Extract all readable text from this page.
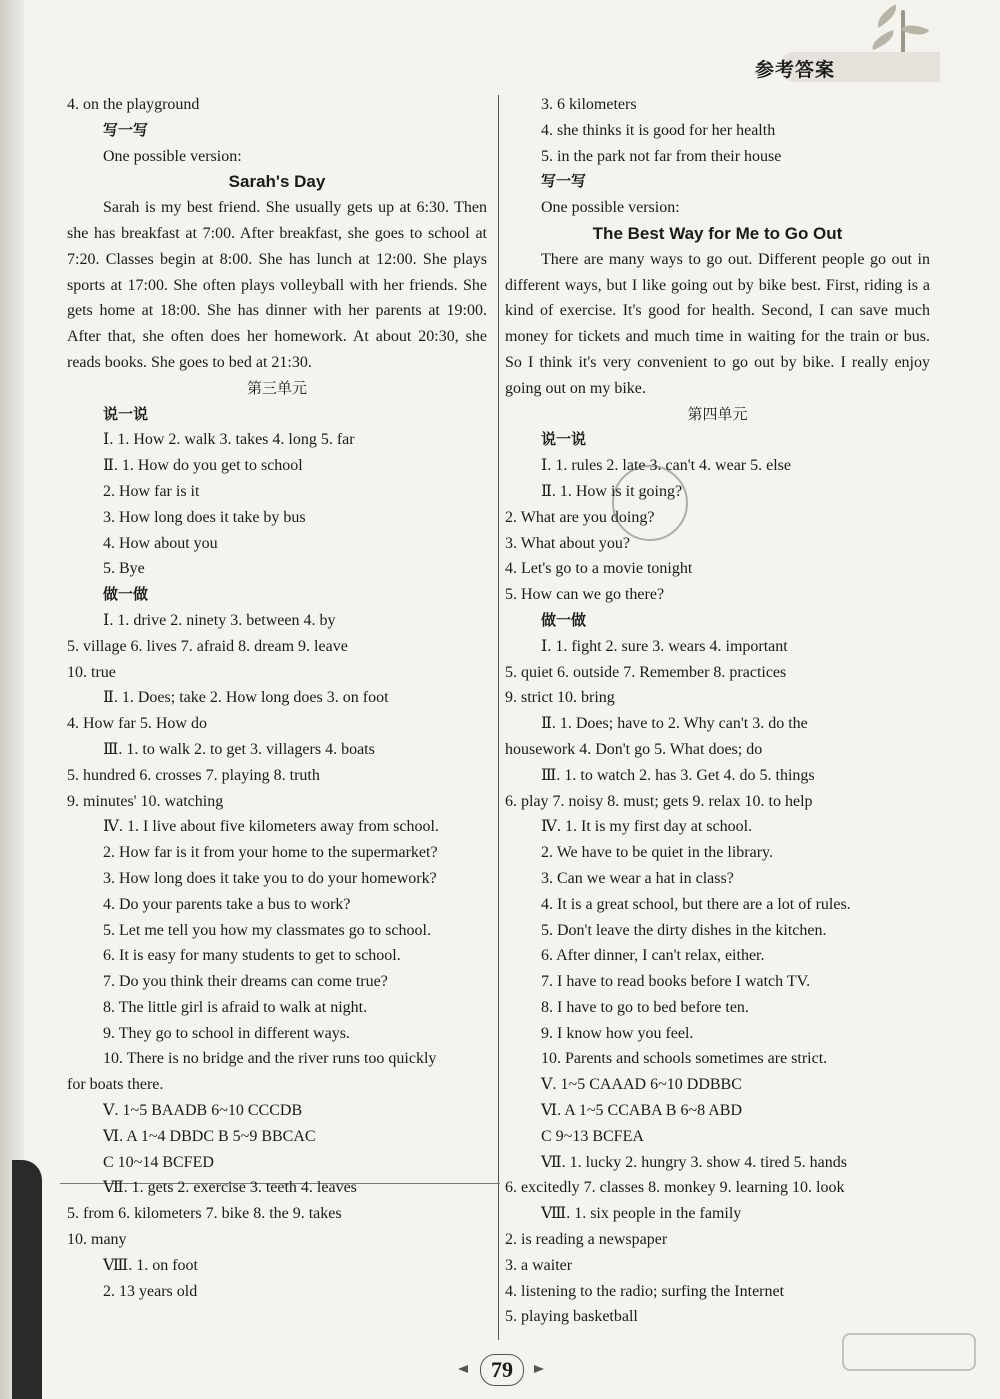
参考答案
4. on the playground
写一写
One possible version:
Sarah's Day
Sarah is my best friend. She usually gets up at 6:30. Then she has breakfast at 7:00. After breakfast, she goes to school at 7:20. Classes begin at 8:00. She has lunch at 12:00. She plays sports at 17:00. She often plays volleyball with her friends. She gets home at 18:00. She has dinner with her parents at 19:00. After that, she often does her homework. At about 20:30, she reads books. She goes to bed at 21:30.
第三单元
说一说
Ⅰ. 1. How 2. walk 3. takes 4. long 5. far
Ⅱ. 1. How do you get to school
2. How far is it
3. How long does it take by bus
4. How about you
5. Bye
做一做
Ⅰ. 1. drive 2. ninety 3. between 4. by
5. village 6. lives 7. afraid 8. dream 9. leave
10. true
Ⅱ. 1. Does; take 2. How long does 3. on foot
4. How far 5. How do
Ⅲ. 1. to walk 2. to get 3. villagers 4. boats
5. hundred 6. crosses 7. playing 8. truth
9. minutes' 10. watching
Ⅳ. 1. I live about five kilometers away from school.
2. How far is it from your home to the supermarket?
3. How long does it take you to do your homework?
4. Do your parents take a bus to work?
5. Let me tell you how my classmates go to school.
6. It is easy for many students to get to school.
7. Do you think their dreams can come true?
8. The little girl is afraid to walk at night.
9. They go to school in different ways.
10. There is no bridge and the river runs too quickly
for boats there.
Ⅴ. 1~5 BAADB 6~10 CCCDB
Ⅵ. A 1~4 DBDC B 5~9 BBCAC
C 10~14 BCFED
Ⅶ. 1. gets 2. exercise 3. teeth 4. leaves
5. from 6. kilometers 7. bike 8. the 9. takes
10. many
Ⅷ. 1. on foot
2. 13 years old
3. 6 kilometers
4. she thinks it is good for her health
5. in the park not far from their house
写一写
One possible version:
The Best Way for Me to Go Out
There are many ways to go out. Different people go out in different ways, but I like going out by bike best. First, riding is a kind of exercise. It's good for health. Second, I can save much money for tickets and much time in waiting for the train or bus. So I think it's very convenient to go out by bike. I really enjoy going out on my bike.
第四单元
说一说
Ⅰ. 1. rules 2. late 3. can't 4. wear 5. else
Ⅱ. 1. How is it going?
2. What are you doing?
3. What about you?
4. Let's go to a movie tonight
5. How can we go there?
做一做
Ⅰ. 1. fight 2. sure 3. wears 4. important
5. quiet 6. outside 7. Remember 8. practices
9. strict 10. bring
Ⅱ. 1. Does; have to 2. Why can't 3. do the
housework 4. Don't go 5. What does; do
Ⅲ. 1. to watch 2. has 3. Get 4. do 5. things
6. play 7. noisy 8. must; gets 9. relax 10. to help
Ⅳ. 1. It is my first day at school.
2. We have to be quiet in the library.
3. Can we wear a hat in class?
4. It is a great school, but there are a lot of rules.
5. Don't leave the dirty dishes in the kitchen.
6. After dinner, I can't relax, either.
7. I have to read books before I watch TV.
8. I have to go to bed before ten.
9. I know how you feel.
10. Parents and schools sometimes are strict.
Ⅴ. 1~5 CAAAD 6~10 DDBBC
Ⅵ. A 1~5 CCABA B 6~8 ABD
C 9~13 BCFEA
Ⅶ. 1. lucky 2. hungry 3. show 4. tired 5. hands
6. excitedly 7. classes 8. monkey 9. learning 10. look
Ⅷ. 1. six people in the family
2. is reading a newspaper
3. a waiter
4. listening to the radio; surfing the Internet
5. playing basketball
79
